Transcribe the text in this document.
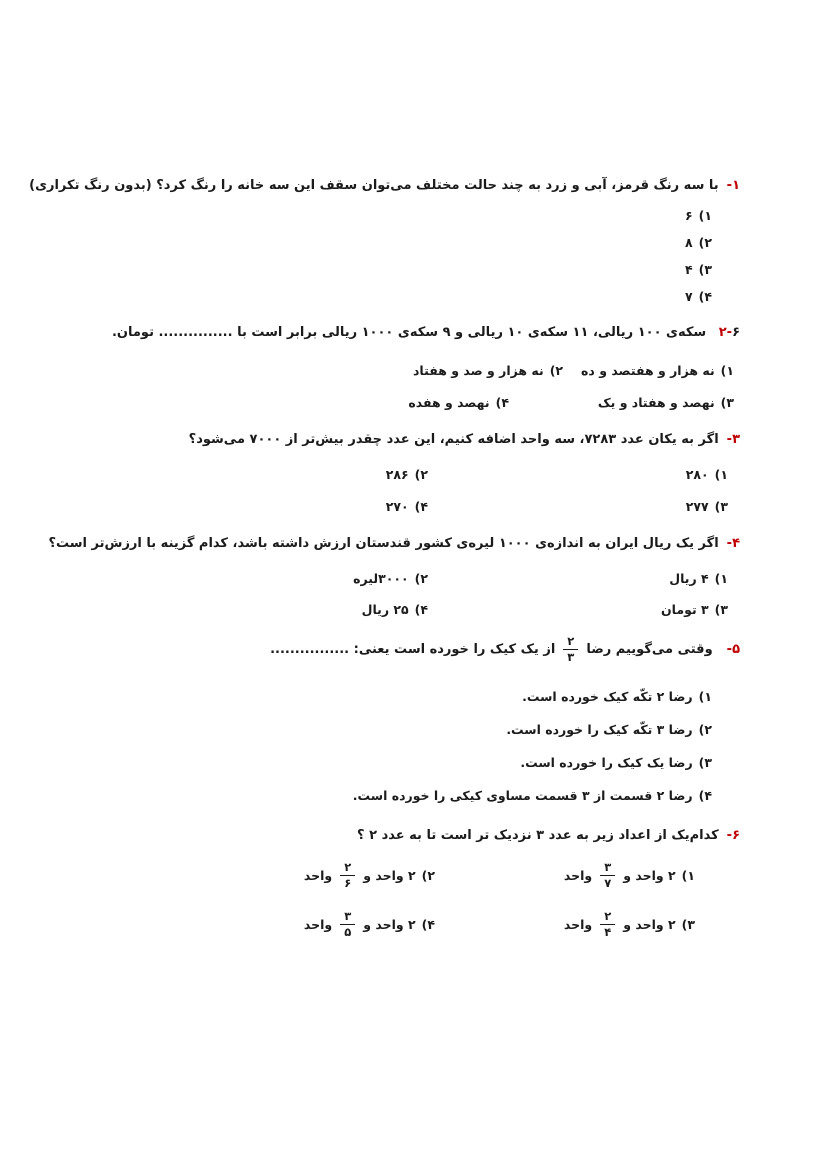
۱-با سه رنگ قرمز، آبی و زرد به چند حالت مختلف می‌توان سقف این سه خانه را رنگ کرد؟ (بدون رنگ تکراری)
۱)
۶
۲)
۸
۳)
۴
۴)
۷
۲-۶ سکه‌ی ۱۰۰ ریالی، ۱۱ سکه‌ی ۱۰ ریالی و ۹ سکه‌ی ۱۰۰۰ ریالی برابر است با ............... تومان.
۱)
نه هزار و هفتصد و ده
۲)
نه هزار و صد و هفتاد
۳)
نهصد و هفتاد و یک
۴)
نهصد و هفده
۳-اگر به یکان عدد ۷۲۸۳، سه واحد اضافه کنیم، این عدد چقدر بیش‌تر از ۷۰۰۰ می‌شود؟
۱)
۲۸۰
۲)
۲۸۶
۳)
۲۷۷
۴)
۲۷۰
۴-اگر یک ریال ایران به اندازه‌ی ۱۰۰۰ لیره‌ی کشور قندستان ارزش داشته باشد، کدام گزینه با ارزش‌تر است؟
۱)
۴ ریال
۲)
۳۰۰۰لیره
۳)
۳ تومان
۴)
۲۵ ریال
۵-
وقتی می‌گوییم رضا
$\frac{۲}{۳}$
از یک کیک را خورده است یعنی: ................
۱)
رضا ۲ تکّه کیک خورده است.
۲)
رضا ۳ تکّه کیک را خورده است.
۳)
رضا یک کیک را خورده است.
۴)
رضا ۲ قسمت از ۳ قسمت مساوی کیکی را خورده است.
۶-کدام‌یک از اعداد زیر به عدد ۳ نزدیک تر است تا به عدد ۲ ؟
۱)
۲ واحد و
$\frac{۳}{۷}$
واحد
۲)
۲ واحد و
$\frac{۲}{۶}$
واحد
۳)
۲ واحد و
$\frac{۲}{۴}$
واحد
۴)
۲ واحد و
$\frac{۳}{۵}$
واحد
